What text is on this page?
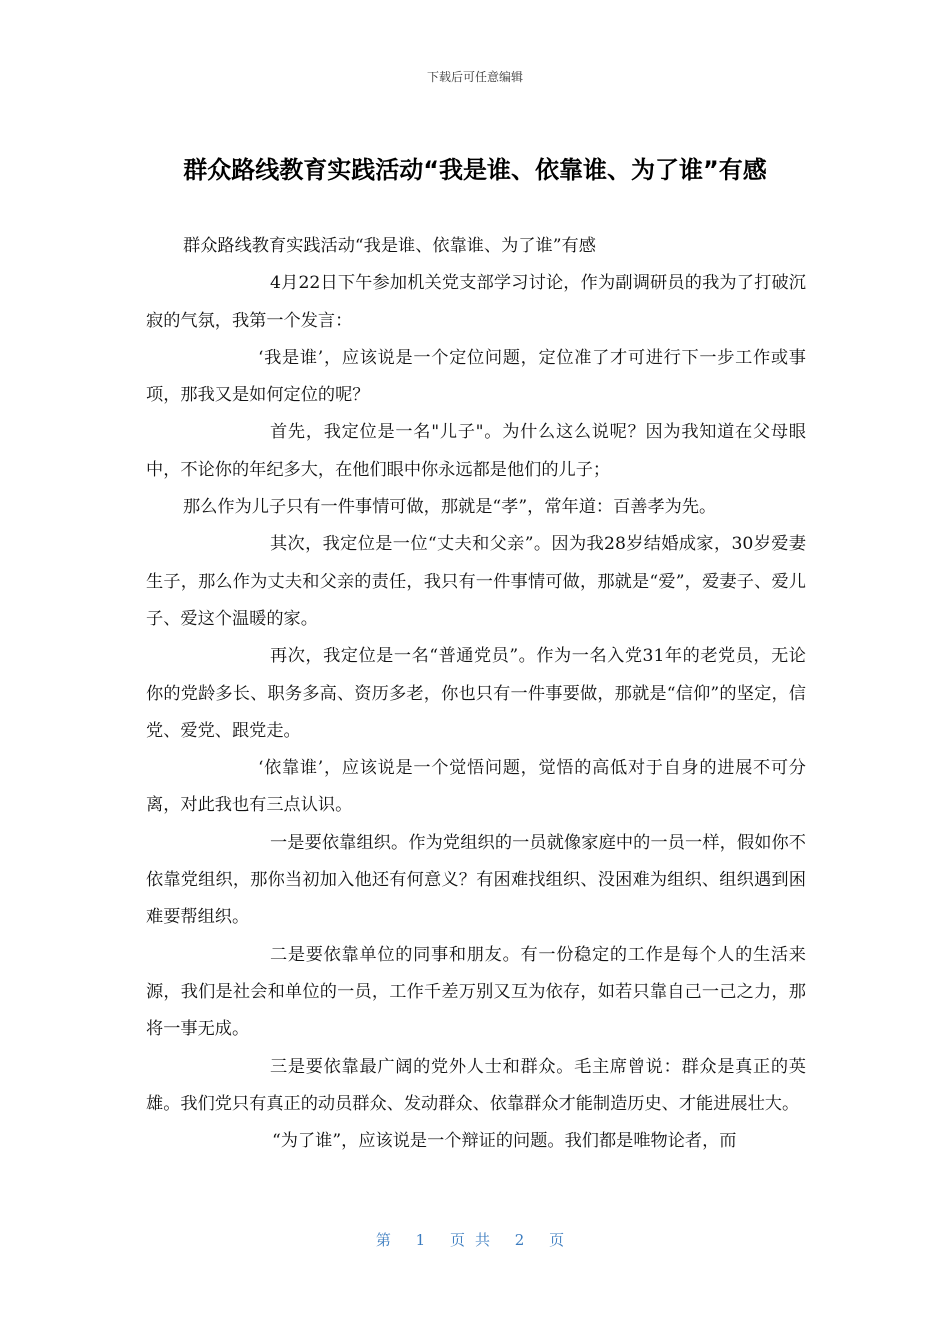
下载后可任意编辑
群众路线教育实践活动“我是谁、依靠谁、为了谁”有感

群众路线教育实践活动“我是谁、依靠谁、为了谁”有感

4月22日下午参加机关党支部学习讨论，作为副调研员的我为了打破沉寂的气氛，我第一个发言：

‘我是谁’，应该说是一个定位问题，定位准了才可进行下一步工作或事项，那我又是如何定位的呢？

首先，我定位是一名"儿子"。为什么这么说呢？因为我知道在父母眼中，不论你的年纪多大，在他们眼中你永远都是他们的儿子；

那么作为儿子只有一件事情可做，那就是“孝”，常年道：百善孝为先。

其次，我定位是一位“丈夫和父亲”。因为我28岁结婚成家，30岁爱妻生子，那么作为丈夫和父亲的责任，我只有一件事情可做，那就是“爱”，爱妻子、爱儿子、爱这个温暖的家。

再次，我定位是一名“普通党员”。作为一名入党31年的老党员，无论你的党龄多长、职务多高、资历多老，你也只有一件事要做，那就是“信仰”的坚定，信党、爱党、跟党走。

‘依靠谁’，应该说是一个觉悟问题，觉悟的高低对于自身的进展不可分离，对此我也有三点认识。

一是要依靠组织。作为党组织的一员就像家庭中的一员一样，假如你不依靠党组织，那你当初加入他还有何意义？有困难找组织、没困难为组织、组织遇到困难要帮组织。

二是要依靠单位的同事和朋友。有一份稳定的工作是每个人的生活来源，我们是社会和单位的一员，工作千差万别又互为依存，如若只靠自己一己之力，那将一事无成。

三是要依靠最广阔的党外人士和群众。毛主席曾说：群众是真正的英雄。我们党只有真正的动员群众、发动群众、依靠群众才能制造历史、才能进展壮大。

“为了谁”，应该说是一个辩证的问题。我们都是唯物论者，而

第 1 页共 2 页
